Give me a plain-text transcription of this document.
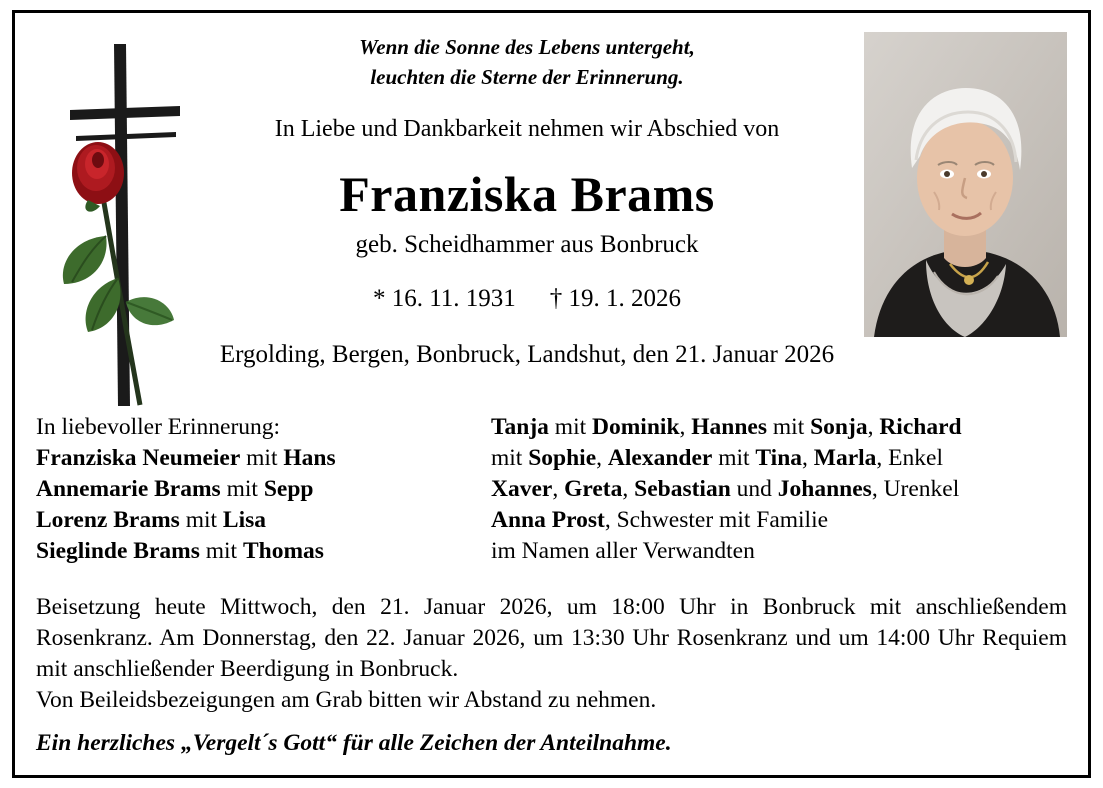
Wenn die Sonne des Lebens untergeht,
leuchten die Sterne der Erinnerung.
In Liebe und Dankbarkeit nehmen wir Abschied von
Franziska Brams
geb. Scheidhammer aus Bonbruck
* 16. 11. 1931 † 19. 1. 2026
Ergolding, Bergen, Bonbruck, Landshut, den 21. Januar 2026
In liebevoller Erinnerung:
Franziska Neumeier mit Hans
Annemarie Brams mit Sepp
Lorenz Brams mit Lisa
Sieglinde Brams mit Thomas
Tanja mit Dominik, Hannes mit Sonja, Richard
mit Sophie, Alexander mit Tina, Marla, Enkel
Xaver, Greta, Sebastian und Johannes, Urenkel
Anna Prost, Schwester mit Familie
im Namen aller Verwandten
Beisetzung heute Mittwoch, den 21. Januar 2026, um 18:00 Uhr in Bonbruck mit anschließendem Rosenkranz. Am Donnerstag, den 22. Januar 2026, um 13:30 Uhr Rosenkranz und um 14:00 Uhr Requiem mit anschließender Beerdigung in Bonbruck.
Von Beileidsbezeigungen am Grab bitten wir Abstand zu nehmen.
Ein herzliches „Vergelt´s Gott“ für alle Zeichen der Anteilnahme.
